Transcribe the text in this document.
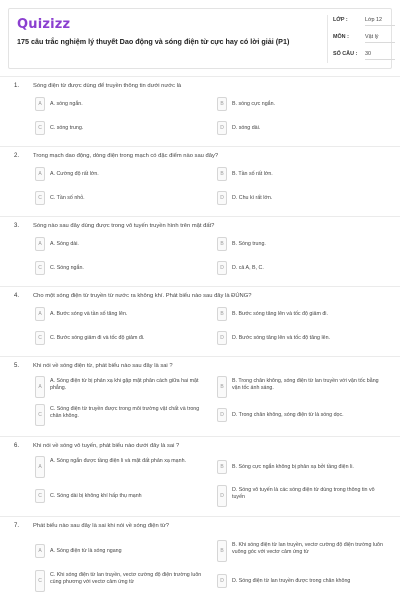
Quizizz
175 câu trắc nghiệm lý thuyết Dao động và sóng điện từ cực hay có lời giải (P1)
LỚP :	Lớp 12
MÔN :	Vật lý
SỐ CÂU : 30
1. Sóng điện từ được dùng để truyền thông tin dưới nước là
A	A. sóng ngắn.	B	B. sóng cực ngắn.
C	C. sóng trung.	D	D. sóng dài.
2. Trong mạch dao động, dòng điện trong mạch có đặc điểm nào sau đây?
A	A. Cường độ rất lớn.	B	B. Tần số rất lớn.
C	C. Tần số nhỏ.	D	D. Chu kì rất lớn.
3. Sóng nào sau đây dùng được trong vô tuyến truyền hình trên mặt đất?
A	A. Sóng dài.	B	B. Sóng trung.
C	C. Sóng ngắn.	D	D. cả A, B, C.
4. Cho một sóng điện từ truyền từ nước ra không khí. Phát biểu nào sau đây là ĐÚNG?
A	A. Bước sóng và tần số tăng lên.	B	B. Bước sóng tăng lên và tốc độ giảm đi.
C	C. Bước sóng giảm đi và tốc độ giảm đi.	D	D. Bước sóng tăng lên và tốc độ tăng lên.
5. Khi nói về sóng điện từ, phát biểu nào sau đây là sai ?
A
A. Sóng điện từ bị phản xạ khi gặp mặt phân cách giữa hai mặt phẳng.	B
B. Trong chân không, sóng điện từ lan truyền với vận tốc bằng vận tốc ánh sáng.
C
C. Sóng điện từ truyền được trong môi trường vật chất và trong chân không.	D	D. Trong chân không, sóng điện từ là sóng dọc.
6. Khi nói về sóng vô tuyến, phát biểu nào dưới đây là sai ?
A
A. Sóng ngắn được tầng điện li và mặt đất phản xạ mạnh.
B	B. Sóng cực ngắn không bị phản xạ bởi tầng điện li.
C	C. Sóng dài bị không khí hấp thụ mạnh	D
D. Sóng vô tuyến là các sóng điện từ dùng trong thông tin vô tuyến
7. Phát biểu nào sau đây là sai khi nói về sóng điện từ?
A	A. Sóng điện từ là sóng ngang	B
B. Khi sóng điện từ lan truyền, vectơ cường độ điện trường luôn vuông góc với vectơ cảm ứng từ
C
C. Khi sóng điện từ lan truyền, vectơ cường độ điện trường luôn cùng phương với vectơ cảm ứng từ	D	D. Sóng điện từ lan truyền được trong chân không
